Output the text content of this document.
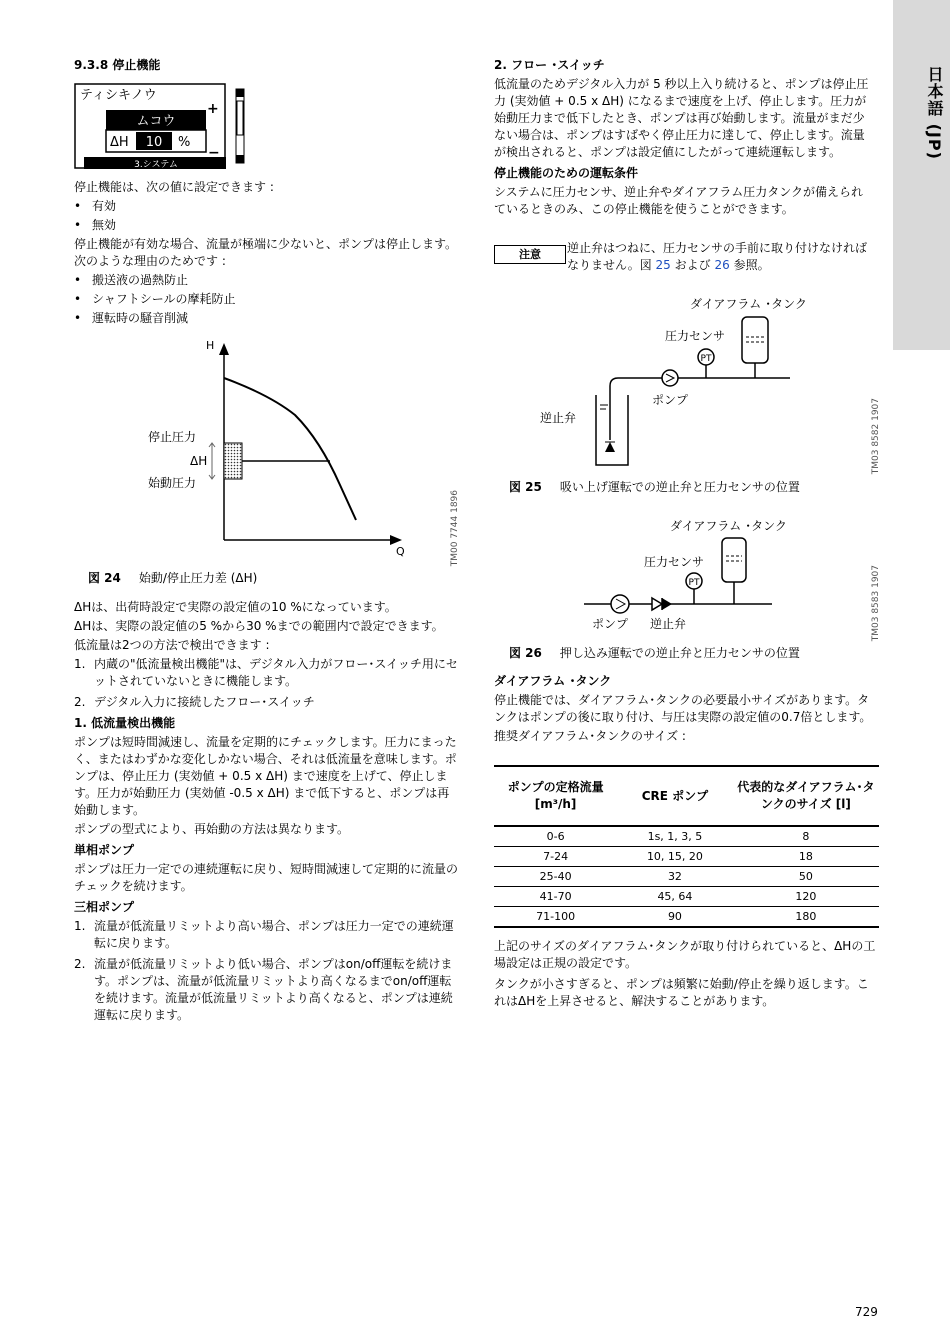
日本語 (JP)
9.3.8 停止機能
ティシキノウ
ムコウ
ΔH 10 %
3.システム
+
−

停止機能は、次の値に設定できます :

• 有効
• 無効

停止機能が有効な場合、流量が極端に少ないと、ポンプは停止します。次のような理由のためです :

• 搬送液の過熱防止
• シャフトシールの摩耗防止
• 運転時の騒音削減
H
Q
停止圧力
ΔH
始動圧力
TM00 7744 1896
図 24 始動/停止圧力差 (ΔH)

ΔHは、出荷時設定で実際の設定値の10 %になっています。

ΔHは、実際の設定値の5 %から30 %までの範囲内で設定できます。

低流量は2つの方法で検出できます :

1. 内蔵の"低流量検出機能"は、デジタル入力がフロー･スイッチ用にセットされていないときに機能します。
2. デジタル入力に接続したフロー･スイッチ

1. 低流量検出機能

ポンプは短時間減速し、流量を定期的にチェックします。圧力にまったく、またはわずかな変化しかない場合、それは低流量を意味します。ポンプは、停止圧力 (実効値 + 0.5 x ΔH) まで速度を上げて、停止します。圧力が始動圧力 (実効値 -0.5 x ΔH) まで低下すると、ポンプは再始動します。

ポンプの型式により、再始動の方法は異なります。

単相ポンプ

ポンプは圧力一定での連続運転に戻り、短時間減速して定期的に流量のチェックを続けます。

三相ポンプ

1. 流量が低流量リミットより高い場合、ポンプは圧力一定での連続運転に戻ります。
2. 流量が低流量リミットより低い場合、ポンプはon/off運転を続けます。ポンプは、流量が低流量リミットより高くなるまでon/off運転を続けます。流量が低流量リミットより高くなると、ポンプは連続運転に戻ります。

2. フロー ･スイッチ

低流量のためデジタル入力が 5 秒以上入り続けると、ポンプは停止圧力 (実効値 + 0.5 x ΔH) になるまで速度を上げ、停止します。圧力が始動圧力まで低下したとき、ポンプは再び始動します。流量がまだ少ない場合は、ポンプはすばやく停止圧力に達して、停止します。流量が検出されると、ポンプは設定値にしたがって連続運転します。

停止機能のための運転条件

システムに圧力センサ、逆止弁やダイアフラム圧力タンクが備えられているときのみ、この停止機能を使うことができます。

注意	逆止弁はつねに、圧力センサの手前に取り付けなければなりません。図 25 および 26 参照。
ダイアフラム ･タンク
圧力センサ
PT
ポンプ
逆止弁	TM03 8582 1907
図 25 吸い上げ運転での逆止弁と圧力センサの位置
ダイアフラム ･タンク
圧力センサ
PT
ポンプ 逆止弁	TM03 8583 1907
図 26 押し込み運転での逆止弁と圧力センサの位置

ダイアフラム ･タンク

停止機能では、ダイアフラム･タンクの必要最小サイズがあります。タンクはポンプの後に取り付け、与圧は実際の設定値の0.7倍とします。

推奨ダイアフラム･タンクのサイズ :

ポンプの定格流量 [m³/h]	CRE ポンプ	代表的なダイアフラム･タンクのサイズ [l]
0-6	1s, 1, 3, 5	8
7-24	10, 15, 20	18
25-40	32	50
41-70	45, 64	120
71-100	90	180

上記のサイズのダイアフラム･タンクが取り付けられていると、ΔHの工場設定は正規の設定です。

タンクが小さすぎると、ポンプは頻繁に始動/停止を繰り返します。これはΔHを上昇させると、解決することがあります。

729
